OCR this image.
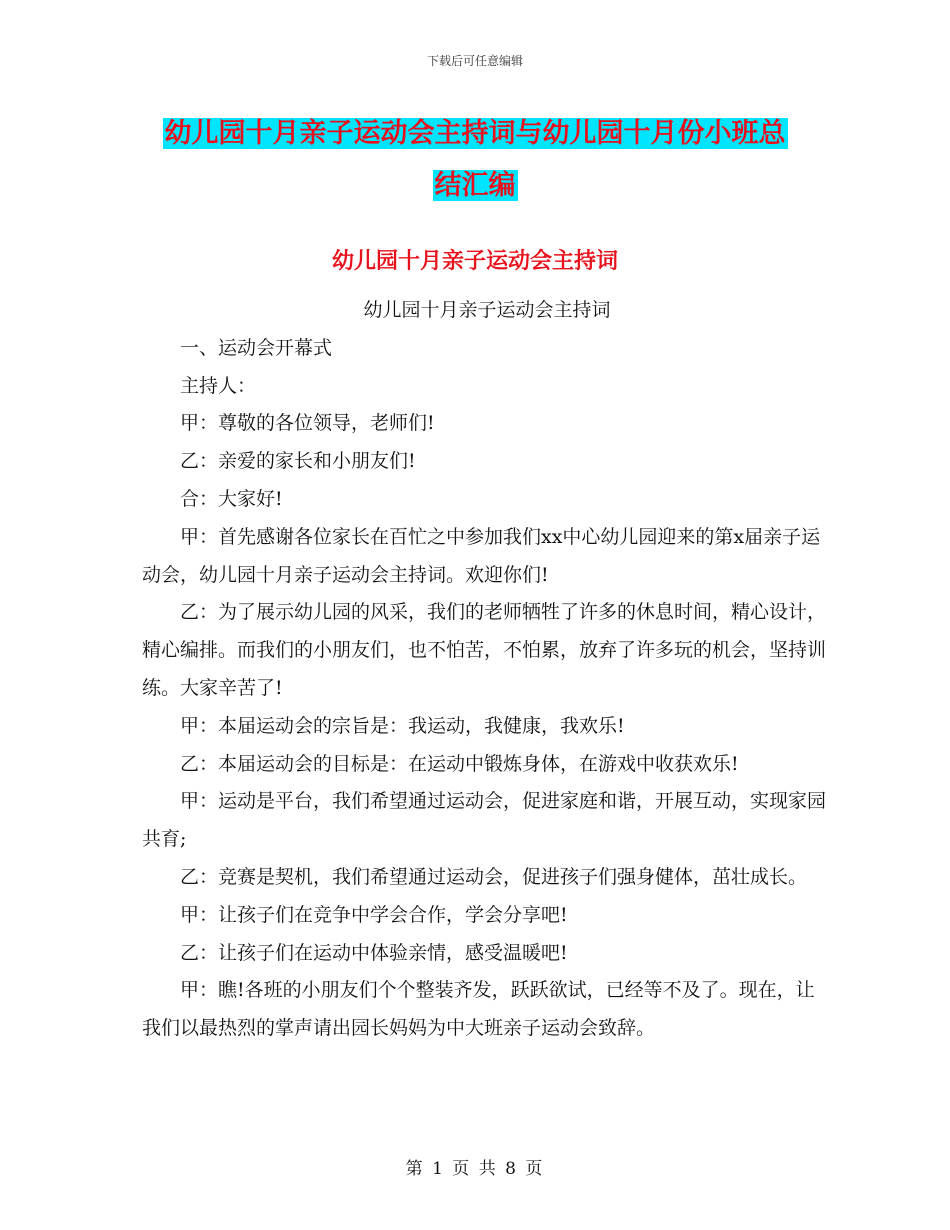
下载后可任意编辑
幼儿园十月亲子运动会主持词与幼儿园十月份小班总
结汇编
幼儿园十月亲子运动会主持词

幼儿园十月亲子运动会主持词

一、运动会开幕式

主持人：

甲：尊敬的各位领导，老师们!

乙：亲爱的家长和小朋友们!

合：大家好!

甲：首先感谢各位家长在百忙之中参加我们xx中心幼儿园迎来的第x届亲子运动会，幼儿园十月亲子运动会主持词。欢迎你们!

乙：为了展示幼儿园的风采，我们的老师牺牲了许多的休息时间，精心设计，精心编排。而我们的小朋友们，也不怕苦，不怕累，放弃了许多玩的机会，坚持训练。大家辛苦了!

甲：本届运动会的宗旨是：我运动，我健康，我欢乐!

乙：本届运动会的目标是：在运动中锻炼身体，在游戏中收获欢乐!

甲：运动是平台，我们希望通过运动会，促进家庭和谐，开展互动，实现家园共育;

乙：竞赛是契机，我们希望通过运动会，促进孩子们强身健体，茁壮成长。

甲：让孩子们在竞争中学会合作，学会分享吧!

乙：让孩子们在运动中体验亲情，感受温暖吧!

甲：瞧!各班的小朋友们个个整装齐发，跃跃欲试，已经等不及了。现在，让我们以最热烈的掌声请出园长妈妈为中大班亲子运动会致辞。

第 1 页 共 8 页
